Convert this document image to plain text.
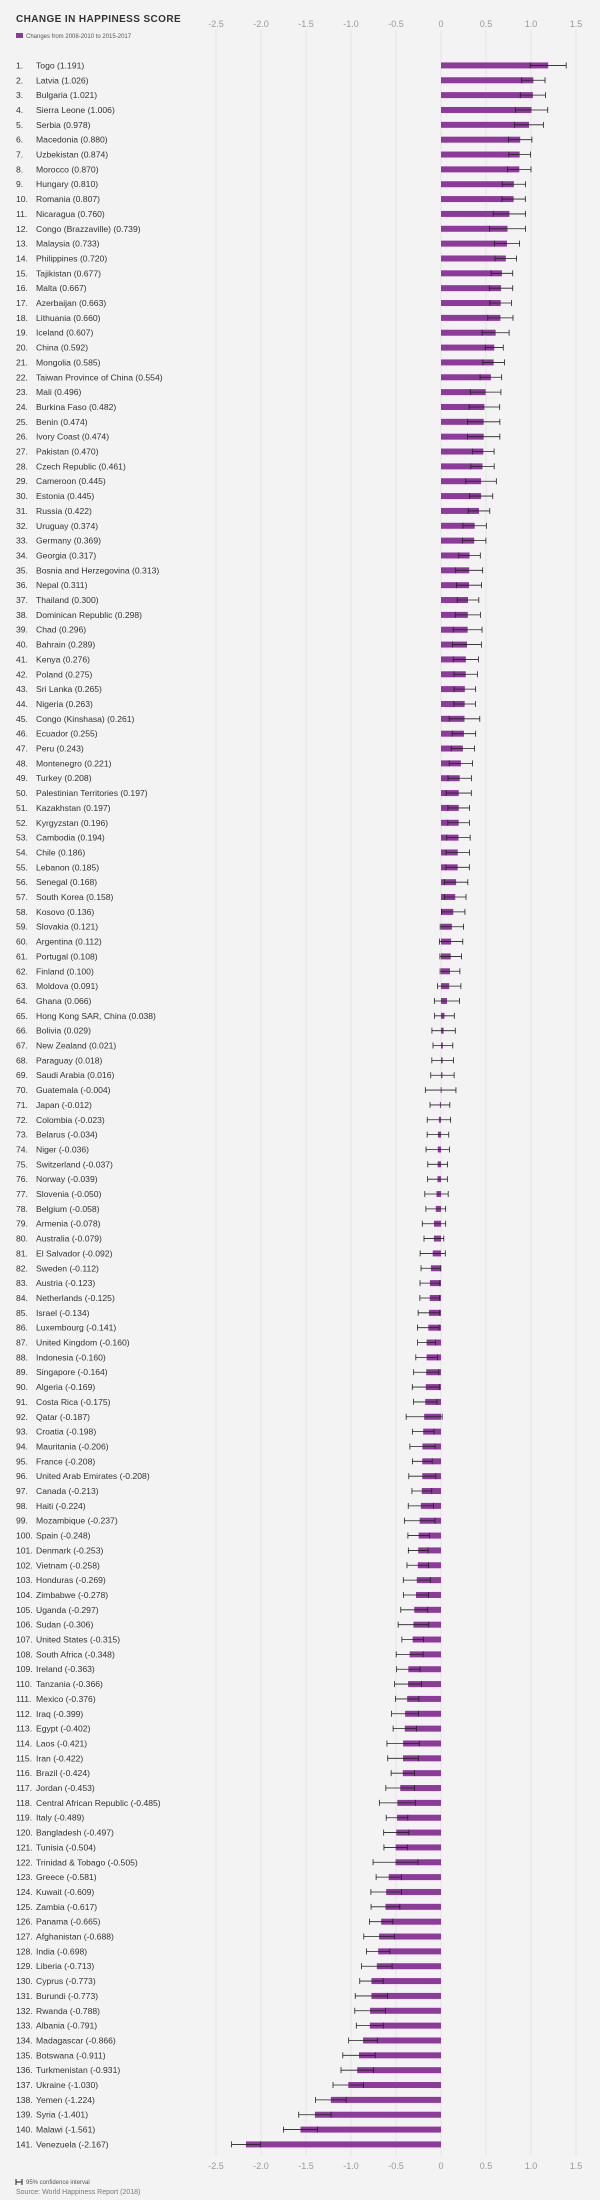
CHANGE IN HAPPINESS SCORE
Changes from 2008-2010 to 2015-2017
-2.5	-2.0	-1.5	-1.0	-0.5	0	0.5	1.0	1.5
1. Togo (1.191)
2. Latvia (1.026)
3. Bulgaria (1.021)
4. Sierra Leone (1.006)
5. Serbia (0.978)
6. Macedonia (0.880)
7. Uzbekistan (0.874)
8. Morocco (0.870)
9. Hungary (0.810)
10. Romania (0.807)
11. Nicaragua (0.760)
12. Congo (Brazzaville) (0.739)
13. Malaysia (0.733)
14. Philippines (0.720)
15. Tajikistan (0.677)
16. Malta (0.667)
17. Azerbaijan (0.663)
18. Lithuania (0.660)
19. Iceland (0.607)
20. China (0.592)
21. Mongolia (0.585)
22. Taiwan Province of China (0.554)
23. Mali (0.496)
24. Burkina Faso (0.482)
25. Benin (0.474)
26. Ivory Coast (0.474)
27. Pakistan (0.470)
28. Czech Republic (0.461)
29. Cameroon (0.445)
30. Estonia (0.445)
31. Russia (0.422)
32. Uruguay (0.374)
33. Germany (0.369)
34. Georgia (0.317)
35. Bosnia and Herzegovina (0.313)
36. Nepal (0.311)
37. Thailand (0.300)
38. Dominican Republic (0.298)
39. Chad (0.296)
40. Bahrain (0.289)
41. Kenya (0.276)
42. Poland (0.275)
43. Sri Lanka (0.265)
44. Nigeria (0.263)
45. Congo (Kinshasa) (0.261)
46. Ecuador (0.255)
47. Peru (0.243)
48. Montenegro (0.221)
49. Turkey (0.208)
50. Palestinian Territories (0.197)
51. Kazakhstan (0.197)
52. Kyrgyzstan (0.196)
53. Cambodia (0.194)
54. Chile (0.186)
55. Lebanon (0.185)
56. Senegal (0.168)
57. South Korea (0.158)
58. Kosovo (0.136)
59. Slovakia (0.121)
60. Argentina (0.112)
61. Portugal (0.108)
62. Finland (0.100)
63. Moldova (0.091)
64. Ghana (0.066)
65. Hong Kong SAR, China (0.038)
66. Bolivia (0.029)
67. New Zealand (0.021)
68. Paraguay (0.018)
69. Saudi Arabia (0.016)
70. Guatemala (-0.004)
71. Japan (-0.012)
72. Colombia (-0.023)
73. Belarus (-0.034)
74. Niger (-0.036)
75. Switzerland (-0.037)
76. Norway (-0.039)
77. Slovenia (-0.050)
78. Belgium (-0.058)
79. Armenia (-0.078)
80. Australia (-0.079)
81. El Salvador (-0.092)
82. Sweden (-0.112)
83. Austria (-0.123)
84. Netherlands (-0.125)
85. Israel (-0.134)
86. Luxembourg (-0.141)
87. United Kingdom (-0.160)
88. Indonesia (-0.160)
89. Singapore (-0.164)
90. Algeria (-0.169)
91. Costa Rica (-0.175)
92. Qatar (-0.187)
93. Croatia (-0.198)
94. Mauritania (-0.206)
95. France (-0.208)
96. United Arab Emirates (-0.208)
97. Canada (-0.213)
98. Haiti (-0.224)
99. Mozambique (-0.237)
100. Spain (-0.248)
101. Denmark (-0.253)
102. Vietnam (-0.258)
103. Honduras (-0.269)
104. Zimbabwe (-0.278)
105. Uganda (-0.297)
106. Sudan (-0.306)
107. United States (-0.315)
108. South Africa (-0.348)
109. Ireland (-0.363)
110. Tanzania (-0.366)
111. Mexico (-0.376)
112. Iraq (-0.399)
113. Egypt (-0.402)
114. Laos (-0.421)
115. Iran (-0.422)
116. Brazil (-0.424)
117. Jordan (-0.453)
118. Central African Republic (-0.485)
119. Italy (-0.489)
120. Bangladesh (-0.497)
121. Tunisia (-0.504)
122. Trinidad & Tobago (-0.505)
123. Greece (-0.581)
124. Kuwait (-0.609)
125. Zambia (-0.617)
126. Panama (-0.665)
127. Afghanistan (-0.688)
128. India (-0.698)
129. Liberia (-0.713)
130. Cyprus (-0.773)
131. Burundi (-0.773)
132. Rwanda (-0.788)
133. Albania (-0.791)
134. Madagascar (-0.866)
135. Botswana (-0.911)
136. Turkmenistan (-0.931)
137. Ukraine (-1.030)
138. Yemen (-1.224)
139. Syria (-1.401)
140. Malawi (-1.561)
141. Venezuela (-2.167)
-2.5	-2.0	-1.5	-1.0	-0.5	0	0.5	1.0	1.5
95% confidence interval
Source: World Happiness Report (2018)
